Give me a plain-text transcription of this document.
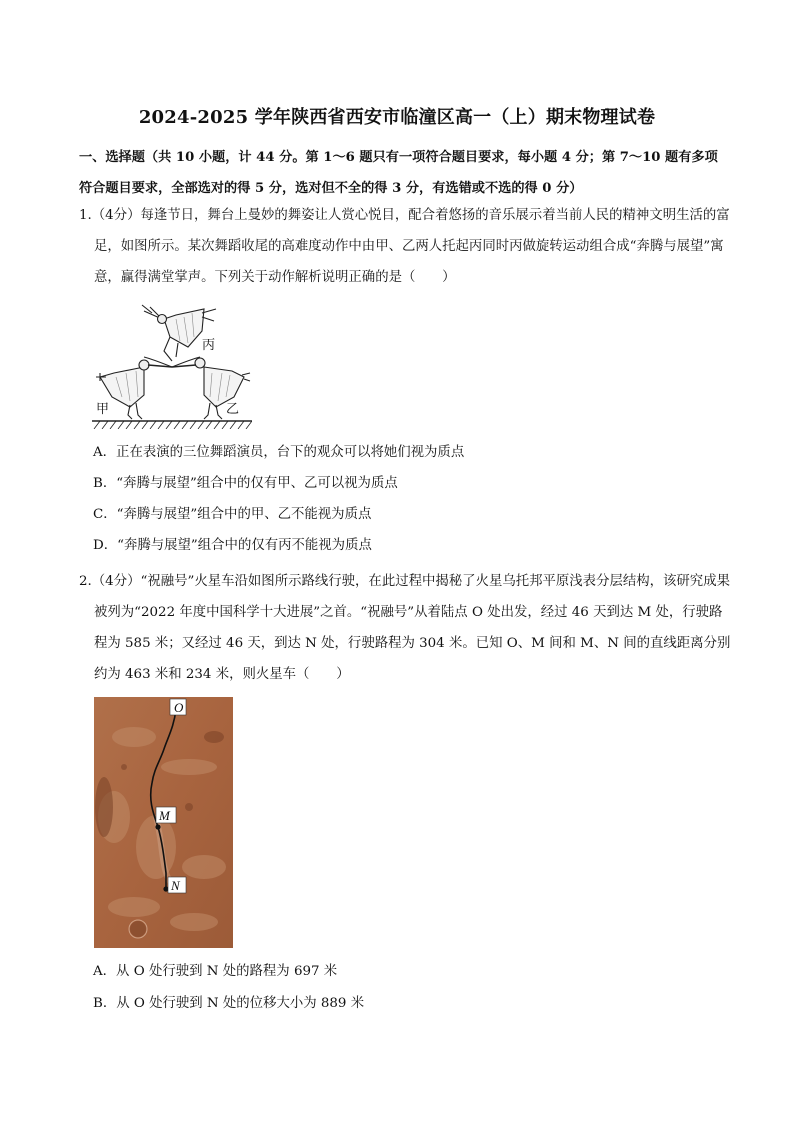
2024-2025 学年陕西省西安市临潼区高一（上）期末物理试卷
一、选择题（共 10 小题，计 44 分。第 1～6 题只有一项符合题目要求，每小题 4 分；第 7～10 题有多项符合题目要求，全部选对的得 5 分，选对但不全的得 3 分，有选错或不选的得 0 分）
1.（4分）每逢节日，舞台上曼妙的舞姿让人赏心悦目，配合着悠扬的音乐展示着当前人民的精神文明生活的富足，如图所示。某次舞蹈收尾的高难度动作中由甲、乙两人托起丙同时丙做旋转运动组合成“奔腾与展望”寓意，赢得满堂掌声。下列关于动作解析说明正确的是（　　）
丙
甲	乙
A．正在表演的三位舞蹈演员，台下的观众可以将她们视为质点
B．“奔腾与展望”组合中的仅有甲、乙可以视为质点
C．“奔腾与展望”组合中的甲、乙不能视为质点
D．“奔腾与展望”组合中的仅有丙不能视为质点
2.（4分）“祝融号”火星车沿如图所示路线行驶，在此过程中揭秘了火星乌托邦平原浅表分层结构，该研究成果被列为“2022 年度中国科学十大进展”之首。“祝融号”从着陆点 O 处出发，经过 46 天到达 M 处，行驶路程为 585 米；又经过 46 天，到达 N 处，行驶路程为 304 米。已知 O、M 间和 M、N 间的直线距离分别约为 463 米和 234 米，则火星车（　　）
O
M
N
A．从 O 处行驶到 N 处的路程为 697 米
B．从 O 处行驶到 N 处的位移大小为 889 米
